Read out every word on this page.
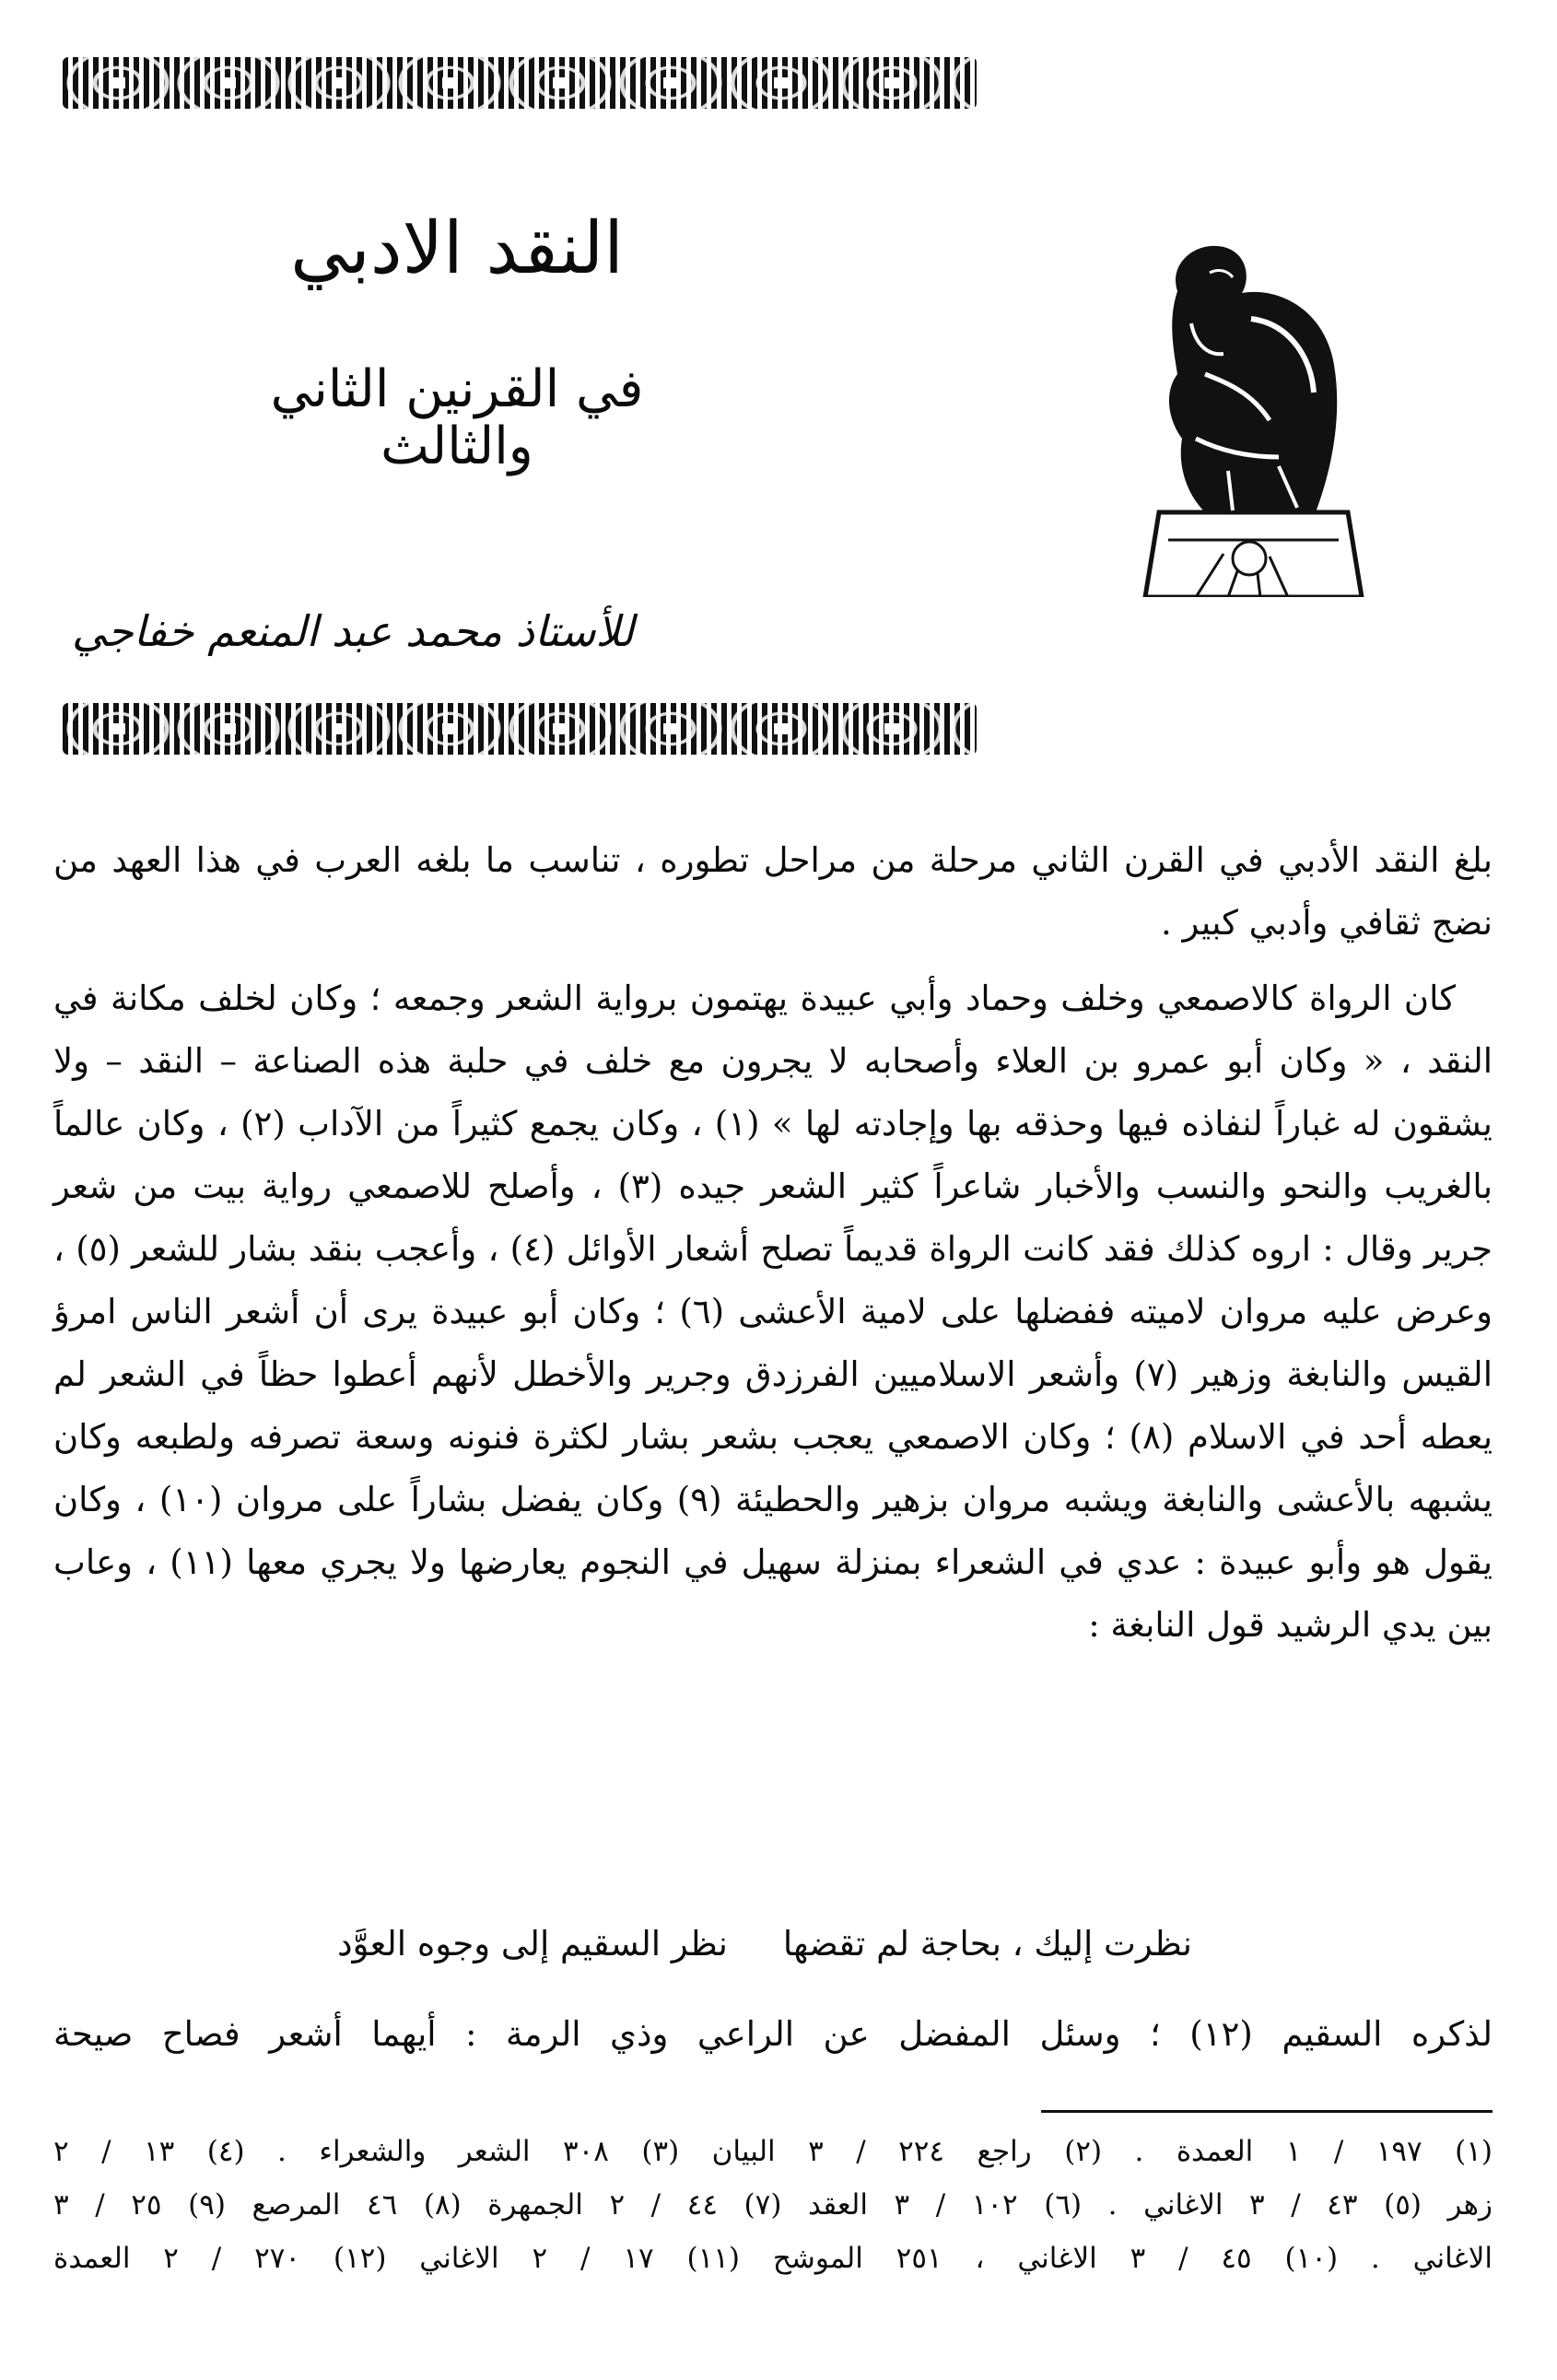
النقد الادبي
في القرنين الثاني والثالث
للأستاذ محمد عبد المنعم خفاجي

بلغ النقد الأدبي في القرن الثاني مرحلة من مراحل تطوره ، تناسب ما بلغه العرب في هذا العهد من نضج ثقافي وأدبي كبير .

كان الرواة كالاصمعي وخلف وحماد وأبي عبيدة يهتمون برواية الشعر وجمعه ؛ وكان لخلف مكانة في النقد ، « وكان أبو عمرو بن العلاء وأصحابه لا يجرون مع خلف في حلبة هذه الصناعة – النقد – ولا يشقون له غباراً لنفاذه فيها وحذقه بها وإجادته لها » (١) ، وكان يجمع كثيراً من الآداب (٢) ، وكان عالماً بالغريب والنحو والنسب والأخبار شاعراً كثير الشعر جيده (٣) ، وأصلح للاصمعي رواية بيت من شعر جرير وقال : اروه كذلك فقد كانت الرواة قديماً تصلح أشعار الأوائل (٤) ، وأعجب بنقد بشار للشعر (٥) ، وعرض عليه مروان لاميته ففضلها على لامية الأعشى (٦) ؛ وكان أبو عبيدة يرى أن أشعر الناس امرؤ القيس والنابغة وزهير (٧) وأشعر الاسلاميين الفرزدق وجرير والأخطل لأنهم أعطوا حظاً في الشعر لم يعطه أحد في الاسلام (٨) ؛ وكان الاصمعي يعجب بشعر بشار لكثرة فنونه وسعة تصرفه ولطبعه وكان يشبهه بالأعشى والنابغة ويشبه مروان بزهير والحطيئة (٩) وكان يفضل بشاراً على مروان (١٠) ، وكان يقول هو وأبو عبيدة : عدي في الشعراء بمنزلة سهيل في النجوم يعارضها ولا يجري معها (١١) ، وعاب بين يدي الرشيد قول النابغة :

نظرت إليك ، بحاجة لم تقضها
نظر السقيم إلى وجوه العوَّد
لذكره السقيم (١٢) ؛ وسئل المفضل عن الراعي وذي الرمة : أيهما أشعر فصاح صيحة
(١) ١٩٧ / ١ العمدة . (٢) راجع ٢٢٤ / ٣ البيان (٣) ٣٠٨ الشعر والشعراء . (٤) ١٣ / ٢
زهر (٥) ٤٣ / ٣ الاغاني . (٦) ١٠٢ / ٣ العقد (٧) ٤٤ / ٢ الجمهرة (٨) ٤٦ المرصع (٩) ٢٥ / ٣
الاغاني . (١٠) ٤٥ / ٣ الاغاني ، ٢٥١ الموشح (١١) ١٧ / ٢ الاغاني (١٢) ٢٧٠ / ٢ العمدة
